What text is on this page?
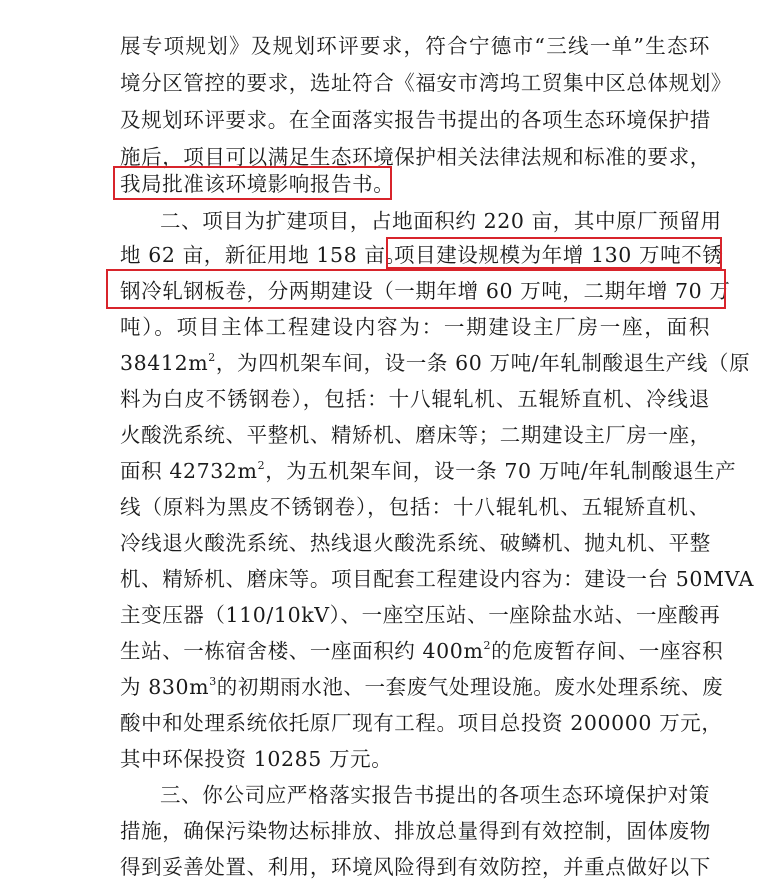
展专项规划》及规划环评要求，符合宁德市“三线一单”生态环
境分区管控的要求，选址符合《福安市湾坞工贸集中区总体规划》
及规划环评要求。在全面落实报告书提出的各项生态环境保护措
施后，项目可以满足生态环境保护相关法律法规和标准的要求，
我局批准该环境影响报告书。
二、项目为扩建项目，占地面积约 220 亩，其中原厂预留用
地 62 亩，新征用地 158 亩。
项目建设规模为年增 130 万吨不锈
钢冷轧钢板卷，分两期建设（一期年增 60 万吨，二期年增 70 万
吨）。项目主体工程建设内容为：一期建设主厂房一座，面积
$38412m^2$，为四机架车间，设一条 60 万吨/年轧制酸退生产线（原
料为白皮不锈钢卷），包括：十八辊轧机、五辊矫直机、冷线退
火酸洗系统、平整机、精矫机、磨床等；二期建设主厂房一座，
面积 $42732m^2$，为五机架车间，设一条 70 万吨/年轧制酸退生产
线（原料为黑皮不锈钢卷），包括：十八辊轧机、五辊矫直机、
冷线退火酸洗系统、热线退火酸洗系统、破鳞机、抛丸机、平整
机、精矫机、磨床等。项目配套工程建设内容为：建设一台 50MVA
主变压器（110/10kV）、一座空压站、一座除盐水站、一座酸再
生站、一栋宿舍楼、一座面积约 $400m^2$的危废暂存间、一座容积
为 $830m^3$的初期雨水池、一套废气处理设施。废水处理系统、废
酸中和处理系统依托原厂现有工程。项目总投资 200000 万元，
其中环保投资 10285 万元。
三、你公司应严格落实报告书提出的各项生态环境保护对策
措施，确保污染物达标排放、排放总量得到有效控制，固体废物
得到妥善处置、利用，环境风险得到有效防控，并重点做好以下
